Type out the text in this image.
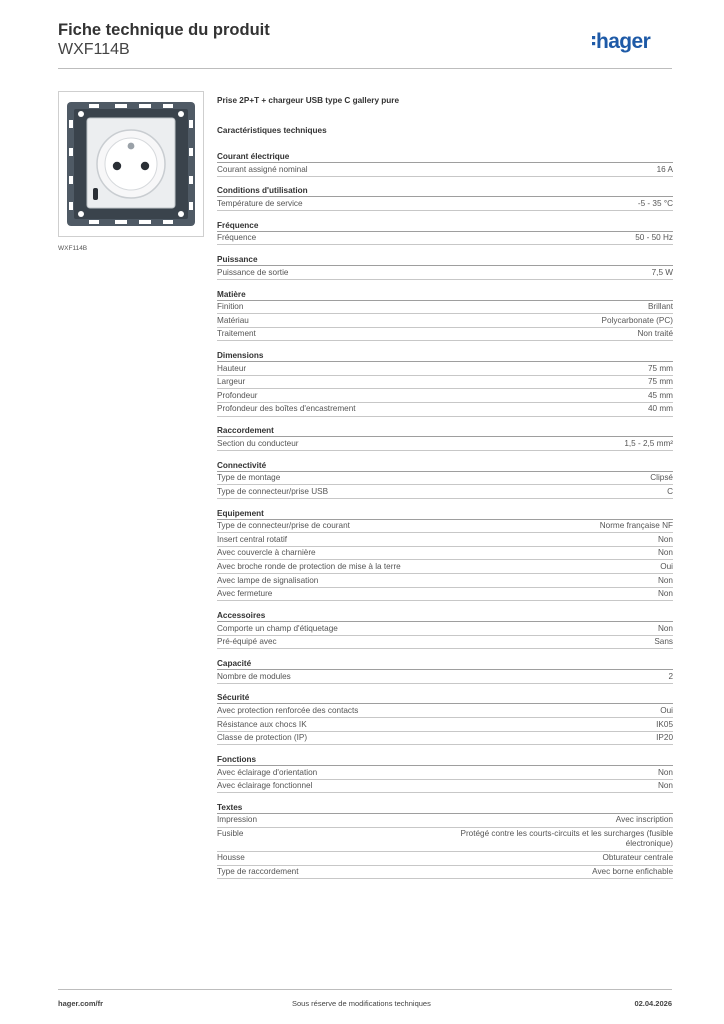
Fiche technique du produit
WXF114B	hager
WXF114B
Prise 2P+T + chargeur USB type C gallery pure
Caractéristiques techniques
Courant électrique
Courant assigné nominal	16 A
Conditions d'utilisation
Température de service	-5 - 35 °C
Fréquence
Fréquence	50 - 50 Hz
Puissance
Puissance de sortie	7,5 W
Matière
Finition	Brillant
Matériau	Polycarbonate (PC)
Traitement	Non traité
Dimensions
Hauteur	75 mm
Largeur	75 mm
Profondeur	45 mm
Profondeur des boîtes d'encastrement	40 mm
Raccordement
Section du conducteur	1,5 - 2,5 mm²
Connectivité
Type de montage	Clipsé
Type de connecteur/prise USB	C
Equipement
Type de connecteur/prise de courant	Norme française NF
Insert central rotatif	Non
Avec couvercle à charnière	Non
Avec broche ronde de protection de mise à la terre	Oui
Avec lampe de signalisation	Non
Avec fermeture	Non
Accessoires
Comporte un champ d'étiquetage	Non
Pré-équipé avec	Sans
Capacité
Nombre de modules	2
Sécurité
Avec protection renforcée des contacts	Oui
Résistance aux chocs IK	IK05
Classe de protection (IP)	IP20
Fonctions
Avec éclairage d'orientation	Non
Avec éclairage fonctionnel	Non
Textes
Impression	Avec inscription
Fusible	Protégé contre les courts-circuits et les surcharges (fusible électronique)
Housse	Obturateur centrale
Type de raccordement	Avec borne enfichable
hager.com/fr	Sous réserve de modifications techniques	02.04.2026
